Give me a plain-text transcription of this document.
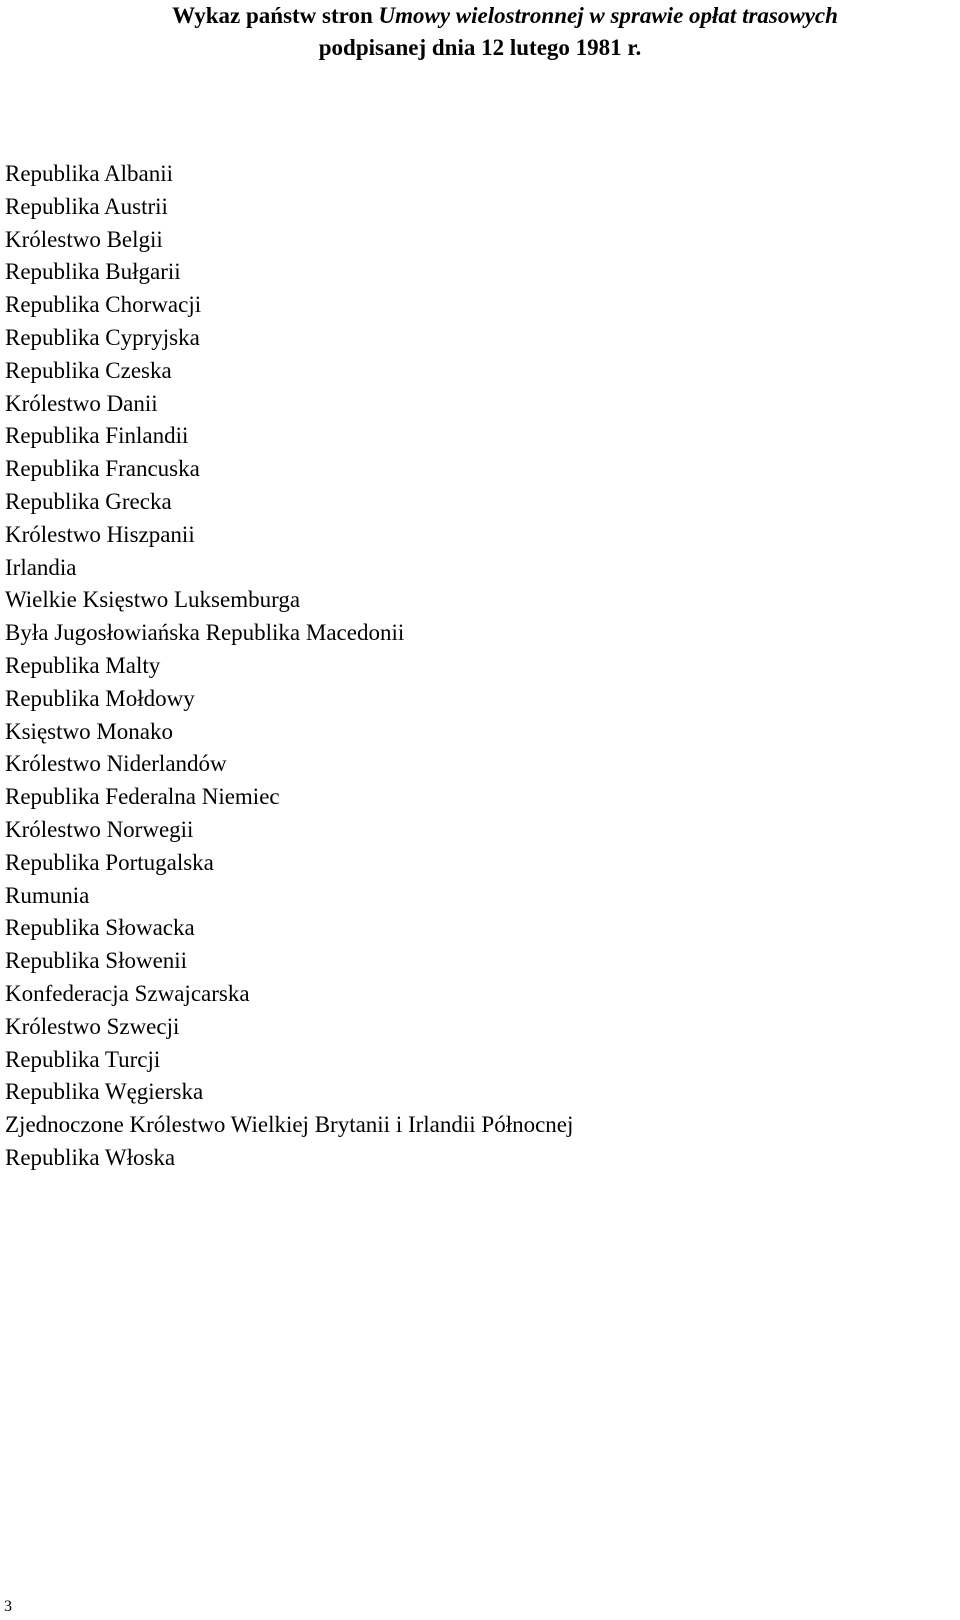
Wykaz państw stron Umowy wielostronnej w sprawie opłat trasowych
podpisanej dnia 12 lutego 1981 r.
Republika Albanii
Republika Austrii
Królestwo Belgii
Republika Bułgarii
Republika Chorwacji
Republika Cypryjska
Republika Czeska
Królestwo Danii
Republika Finlandii
Republika Francuska
Republika Grecka
Królestwo Hiszpanii
Irlandia
Wielkie Księstwo Luksemburga
Była Jugosłowiańska Republika Macedonii
Republika Malty
Republika Mołdowy
Księstwo Monako
Królestwo Niderlandów
Republika Federalna Niemiec
Królestwo Norwegii
Republika Portugalska
Rumunia
Republika Słowacka
Republika Słowenii
Konfederacja Szwajcarska
Królestwo Szwecji
Republika Turcji
Republika Węgierska
Zjednoczone Królestwo Wielkiej Brytanii i Irlandii Północnej
Republika Włoska
3
